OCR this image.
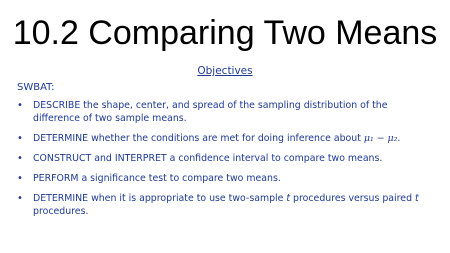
10.2 Comparing Two Means
Objectives
SWBAT:
• DESCRIBE the shape, center, and spread of the sampling distribution of the difference of two sample means.
• DETERMINE whether the conditions are met for doing inference about μ₁ − μ₂.
• CONSTRUCT and INTERPRET a confidence interval to compare two means.
• PERFORM a significance test to compare two means.
• DETERMINE when it is appropriate to use two-sample t procedures versus paired t procedures.
